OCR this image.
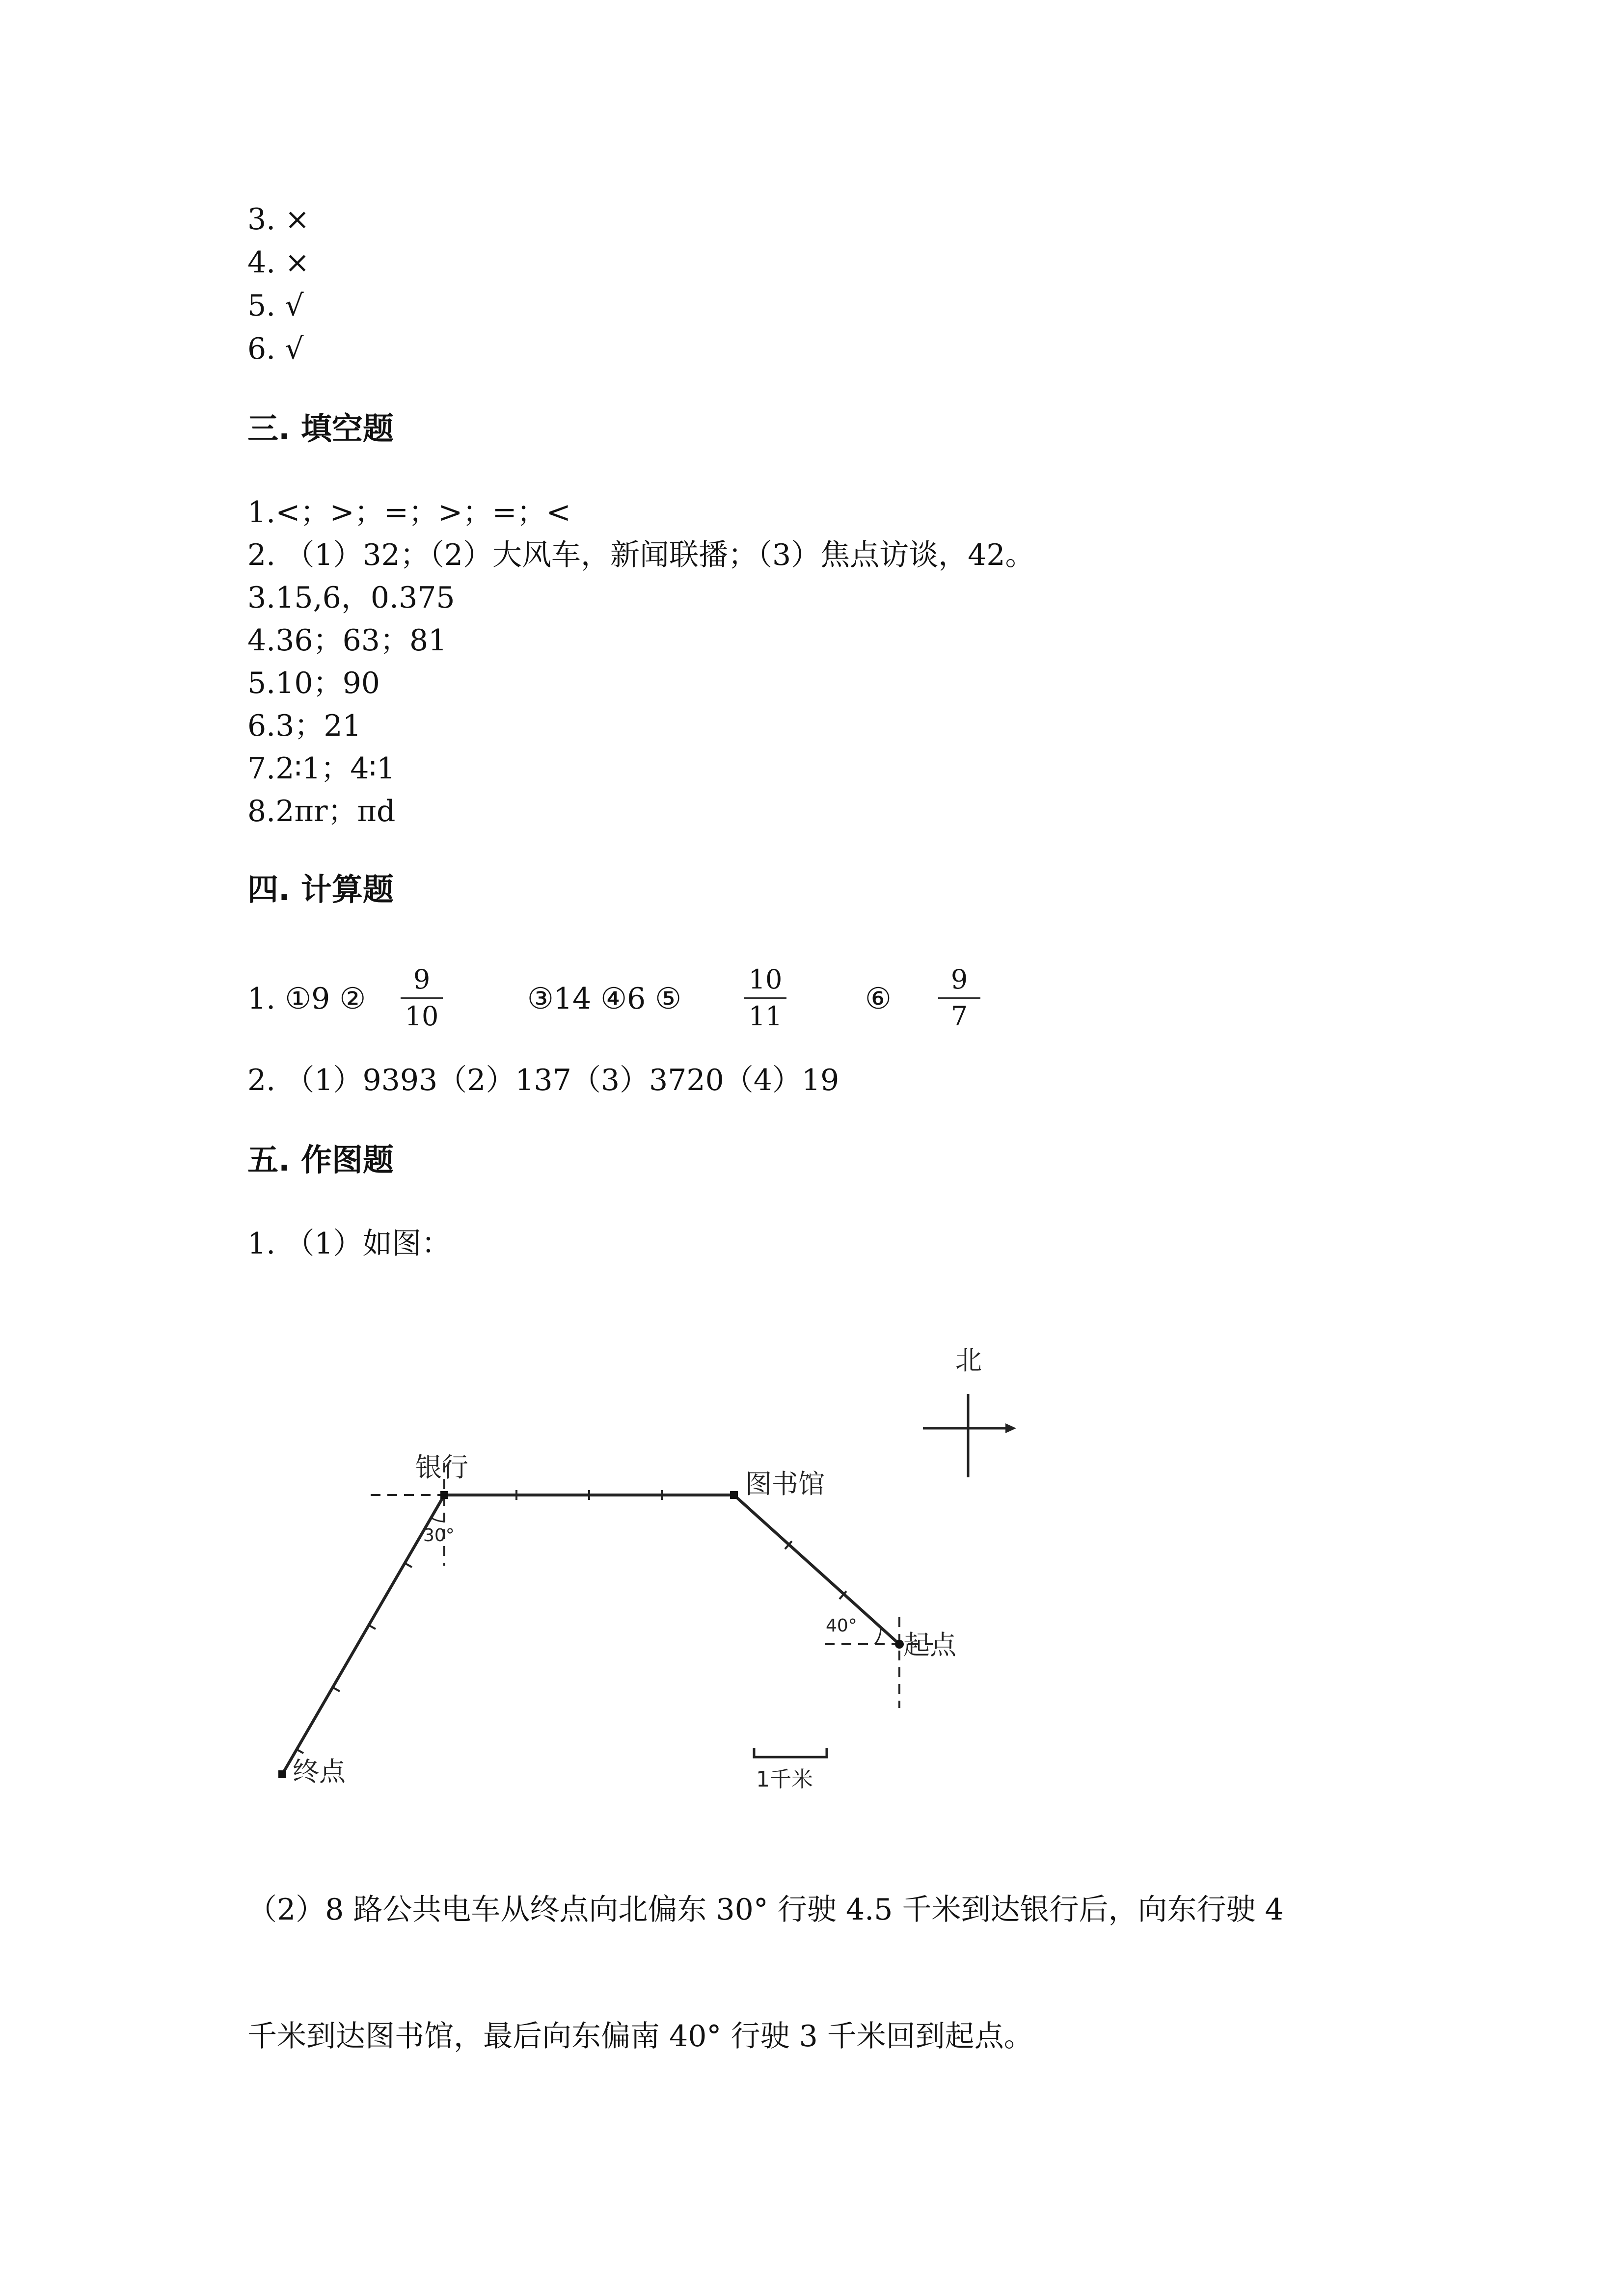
3. ×
4. ×
5. √
6. √
三. 填空题
1.<；>；=；>；=；<
2. （1）32；（2）大风车，新闻联播；（3）焦点访谈，42。
3.15,6，0.375
4.36；63；81
5.10；90
6.3；21
7.2∶1；4∶1
8.2πr；πd
四. 计算题
1. ①9 ②
9
10
③14 ④6 ⑤
10
11
⑥
9
7
2. （1）9393（2）137（3）3720（4）19
五. 作图题
1. （1）如图：
北
银行
图书馆
起点
终点
30°
40°
1千米
（2）8 路公共电车从终点向北偏东 30° 行驶 4.5 千米到达银行后，向东行驶 4
千米到达图书馆，最后向东偏南 40° 行驶 3 千米回到起点。
